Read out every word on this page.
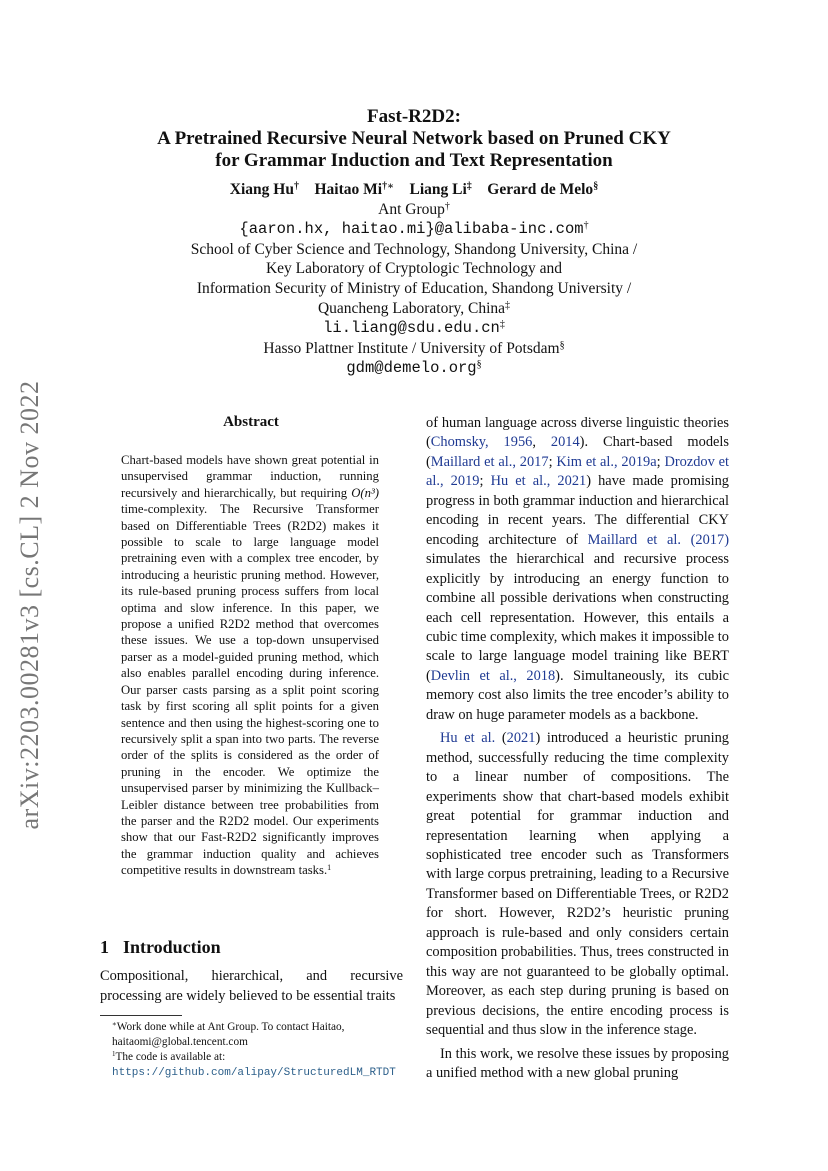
arXiv:2203.00281v3 [cs.CL] 2 Nov 2022
Fast-R2D2:
A Pretrained Recursive Neural Network based on Pruned CKY
for Grammar Induction and Text Representation
Xiang Hu† Haitao Mi†∗ Liang Li‡ Gerard de Melo§
Ant Group†
{aaron.hx, haitao.mi}@alibaba-inc.com†
School of Cyber Science and Technology, Shandong University, China /
Key Laboratory of Cryptologic Technology and
Information Security of Ministry of Education, Shandong University /
Quancheng Laboratory, China‡
li.liang@sdu.edu.cn‡
Hasso Plattner Institute / University of Potsdam§
gdm@demelo.org§
Abstract
Chart-based models have shown great potential in unsupervised grammar induction, running recursively and hierarchically, but requiring O(n³) time-complexity. The Recursive Transformer based on Differentiable Trees (R2D2) makes it possible to scale to large language model pretraining even with a complex tree encoder, by introducing a heuristic pruning method. However, its rule-based pruning process suffers from local optima and slow inference. In this paper, we propose a unified R2D2 method that overcomes these issues. We use a top-down unsupervised parser as a model-guided pruning method, which also enables parallel encoding during inference. Our parser casts parsing as a split point scoring task by first scoring all split points for a given sentence and then using the highest-scoring one to recursively split a span into two parts. The reverse order of the splits is considered as the order of pruning in the encoder. We optimize the unsupervised parser by minimizing the Kullback–Leibler distance between tree probabilities from the parser and the R2D2 model. Our experiments show that our Fast-R2D2 significantly improves the grammar induction quality and achieves competitive results in downstream tasks.$^1$
1 Introduction
Compositional, hierarchical, and recursive processing are widely believed to be essential traits

∗Work done while at Ant Group. To contact Haitao, haitaomi@global.tencent.com

$^1$The code is available at: https://github.com/alipay/StructuredLM_RTDT

of human language across diverse linguistic theories (Chomsky, 1956, 2014). Chart-based models (Maillard et al., 2017; Kim et al., 2019a; Drozdov et al., 2019; Hu et al., 2021) have made promising progress in both grammar induction and hierarchical encoding in recent years. The differential CKY encoding architecture of Maillard et al. (2017) simulates the hierarchical and recursive process explicitly by introducing an energy function to combine all possible derivations when constructing each cell representation. However, this entails a cubic time complexity, which makes it impossible to scale to large language model training like BERT (Devlin et al., 2018). Simultaneously, its cubic memory cost also limits the tree encoder’s ability to draw on huge parameter models as a backbone.

Hu et al. (2021) introduced a heuristic pruning method, successfully reducing the time complexity to a linear number of compositions. The experiments show that chart-based models exhibit great potential for grammar induction and representation learning when applying a sophisticated tree encoder such as Transformers with large corpus pretraining, leading to a Recursive Transformer based on Differentiable Trees, or R2D2 for short. However, R2D2’s heuristic pruning approach is rule-based and only considers certain composition probabilities. Thus, trees constructed in this way are not guaranteed to be globally optimal. Moreover, as each step during pruning is based on previous decisions, the entire encoding process is sequential and thus slow in the inference stage.

In this work, we resolve these issues by proposing a unified method with a new global pruning
